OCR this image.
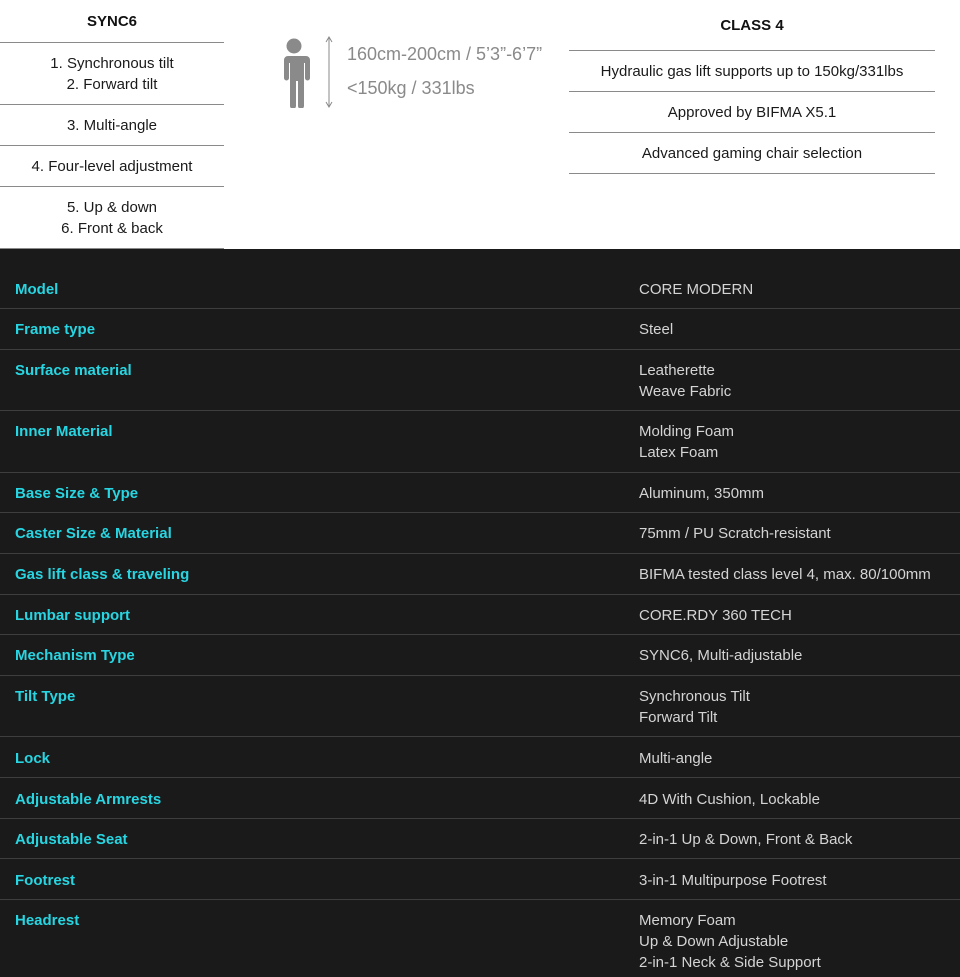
SYNC6
1. Synchronous tilt
2. Forward tilt
3. Multi-angle
4. Four-level adjustment
5. Up & down
6. Front & back
160cm-200cm / 5’3”-6’7”
<150kg / 331lbs
CLASS 4
Hydraulic gas lift supports up to 150kg/331lbs
Approved by BIFMA X5.1
Advanced gaming chair selection
Model	CORE MODERN
Frame type	Steel
Surface material	Leatherette
Weave Fabric
Inner Material	Molding Foam
Latex Foam
Base Size & Type	Aluminum, 350mm
Caster Size & Material	75mm / PU Scratch-resistant
Gas lift class & traveling	BIFMA tested class level 4, max. 80/100mm
Lumbar support	CORE.RDY 360 TECH
Mechanism Type	SYNC6, Multi-adjustable
Tilt Type	Synchronous Tilt
Forward Tilt
Lock	Multi-angle
Adjustable Armrests	4D With Cushion, Lockable
Adjustable Seat	2-in-1 Up & Down, Front & Back
Footrest	3-in-1 Multipurpose Footrest
Headrest	Memory Foam
Up & Down Adjustable
2-in-1 Neck & Side Support
